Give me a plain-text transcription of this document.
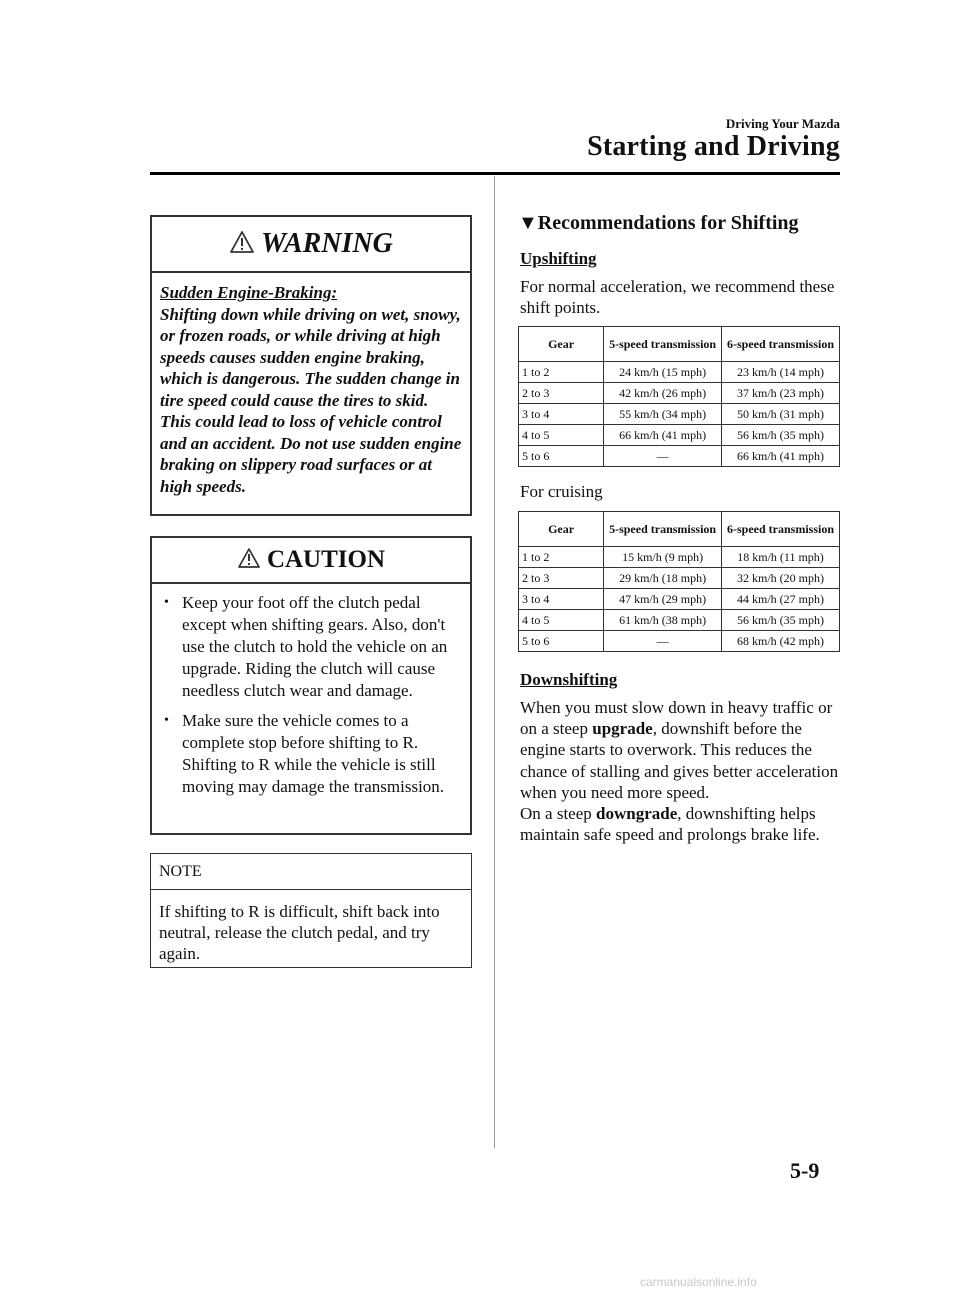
Driving Your Mazda
Starting and Driving
WARNING
Sudden Engine-Braking:
Shifting down while driving on wet, snowy, or frozen roads, or while driving at high speeds causes sudden engine braking, which is dangerous. The sudden change in tire speed could cause the tires to skid. This could lead to loss of vehicle control and an accident. Do not use sudden engine braking on slippery road surfaces or at high speeds.
CAUTION
• Keep your foot off the clutch pedal except when shifting gears. Also, don't use the clutch to hold the vehicle on an upgrade. Riding the clutch will cause needless clutch wear and damage.
• Make sure the vehicle comes to a complete stop before shifting to R. Shifting to R while the vehicle is still moving may damage the transmission.
NOTE
If shifting to R is difficult, shift back into neutral, release the clutch pedal, and try again.
▼Recommendations for Shifting
Upshifting
For normal acceleration, we recommend these shift points.
Gear	5-speed transmission	6-speed transmission
1 to 2	24 km/h (15 mph)	23 km/h (14 mph)
2 to 3	42 km/h (26 mph)	37 km/h (23 mph)
3 to 4	55 km/h (34 mph)	50 km/h (31 mph)
4 to 5	66 km/h (41 mph)	56 km/h (35 mph)
5 to 6	―	66 km/h (41 mph)
For cruising
Gear	5-speed transmission	6-speed transmission
1 to 2	15 km/h (9 mph)	18 km/h (11 mph)
2 to 3	29 km/h (18 mph)	32 km/h (20 mph)
3 to 4	47 km/h (29 mph)	44 km/h (27 mph)
4 to 5	61 km/h (38 mph)	56 km/h (35 mph)
5 to 6	―	68 km/h (42 mph)
Downshifting
When you must slow down in heavy traffic or on a steep upgrade, downshift before the engine starts to overwork. This reduces the chance of stalling and gives better acceleration when you need more speed.
On a steep downgrade, downshifting helps maintain safe speed and prolongs brake life.
5-9
carmanualsonline.info
